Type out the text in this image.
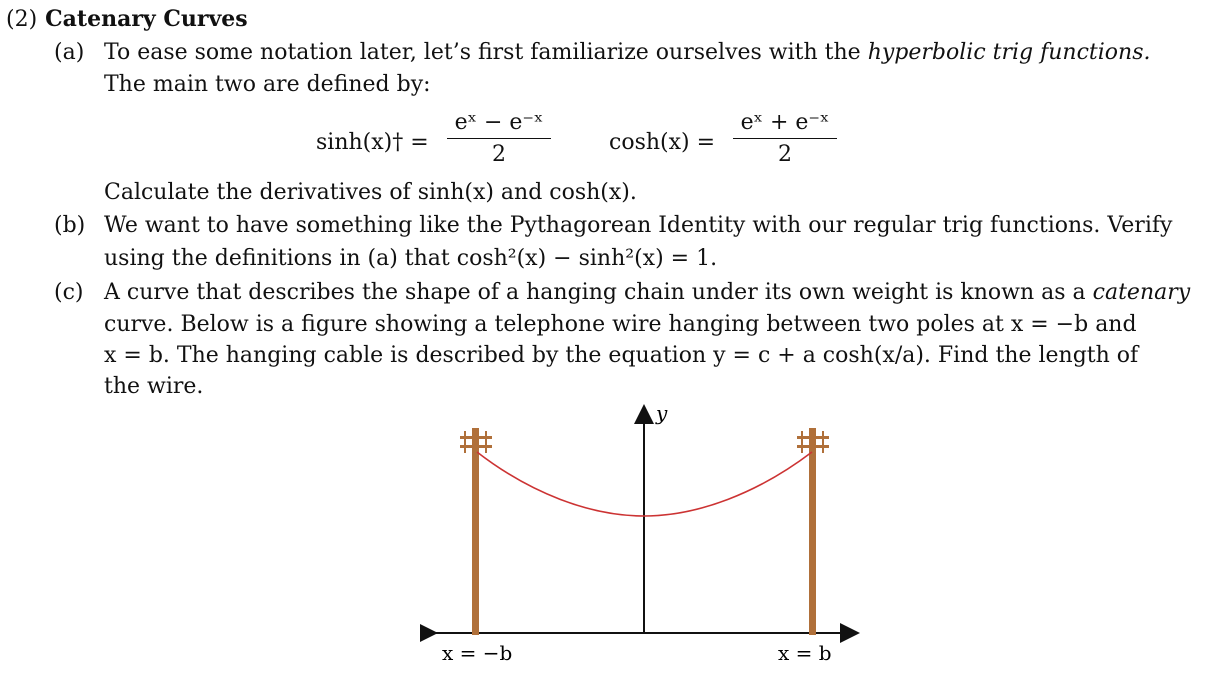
(2) Catenary Curves
(a) To ease some notation later, let’s first familiarize ourselves with the hyperbolic trig functions.
The main two are defined by:
sinh(x)† =
eˣ − e⁻ˣ
2	cosh(x) =
eˣ + e⁻ˣ
2
Calculate the derivatives of sinh(x) and cosh(x).
(b) We want to have something like the Pythagorean Identity with our regular trig functions. Verify
using the definitions in (a) that cosh²(x) − sinh²(x) = 1.
(c) A curve that describes the shape of a hanging chain under its own weight is known as a catenary
curve. Below is a figure showing a telephone wire hanging between two poles at x = −b and
x = b. The hanging cable is described by the equation y = c + a cosh(x/a). Find the length of
the wire.
y
x = −b	x = b
